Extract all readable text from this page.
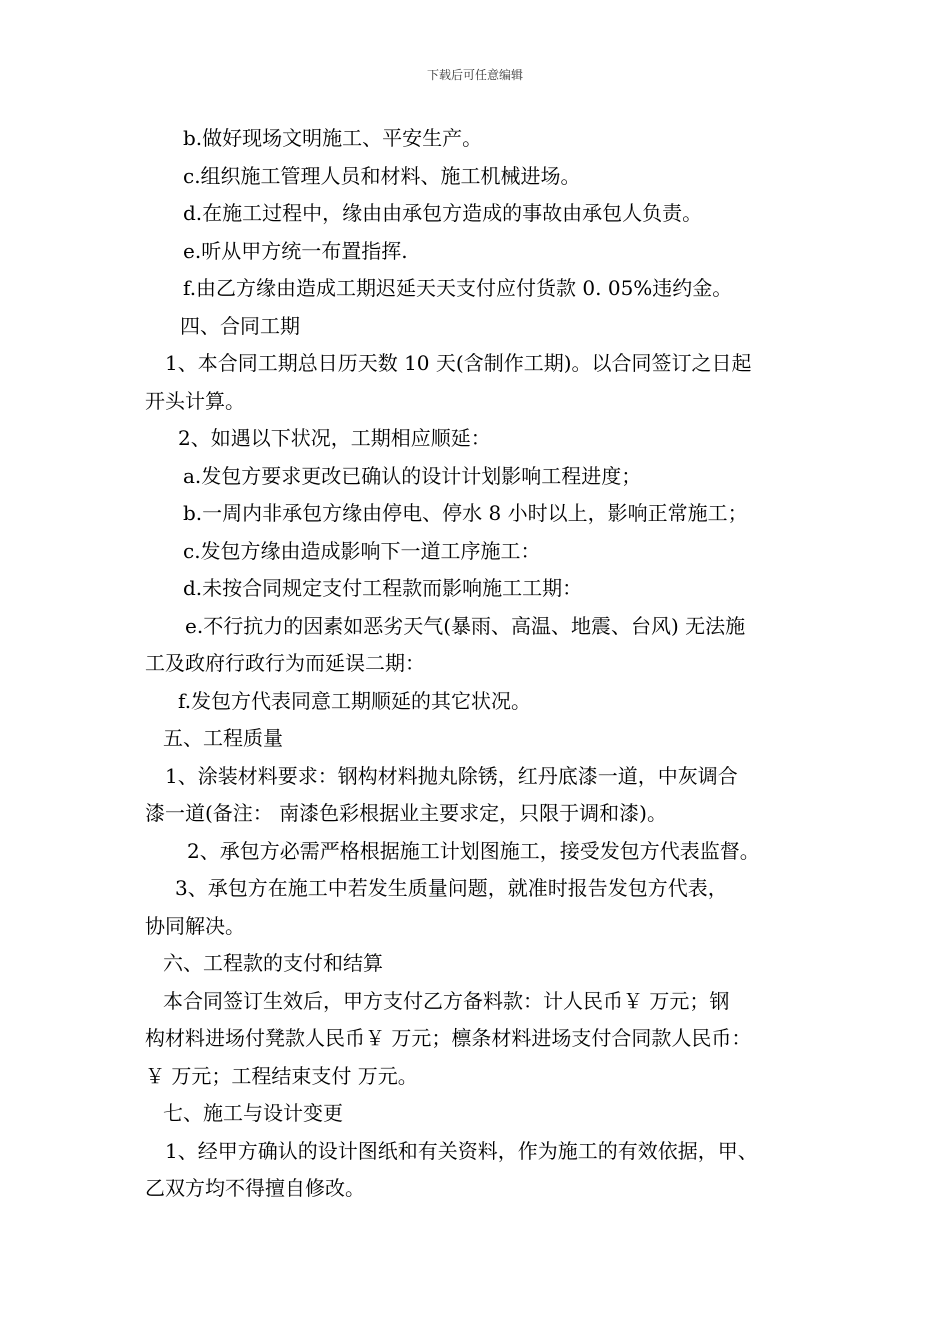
下载后可任意编辑
b.做好现场文明施工、平安生产。
c.组织施工管理人员和材料、施工机械进场。
d.在施工过程中，缘由由承包方造成的事故由承包人负责。
e.听从甲方统一布置指挥.
f.由乙方缘由造成工期迟延天天支付应付货款 0. 05%违约金。
四、合同工期
1、本合同工期总日历天数 10 天(含制作工期)。以合同签订之日起
开头计算。
2、如遇以下状况，工期相应顺延：
a.发包方要求更改已确认的设计计划影响工程进度；
b.一周内非承包方缘由停电、停水 8 小时以上，影响正常施工；
c.发包方缘由造成影响下一道工序施工：
d.未按合同规定支付工程款而影响施工工期：
e.不行抗力的因素如恶劣天气(暴雨、高温、地震、台风) 无法施
工及政府行政行为而延误二期：
f.发包方代表同意工期顺延的其它状况。
五、工程质量
1、涂装材料要求：钢构材料抛丸除锈，红丹底漆一道，中灰调合
漆一道(备注： 南漆色彩根据业主要求定，只限于调和漆)。
2、承包方必需严格根据施工计划图施工，接受发包方代表监督。
3、承包方在施工中若发生质量问题，就准时报告发包方代表，
协同解决。
六、工程款的支付和结算
本合同签订生效后，甲方支付乙方备料款：计人民币￥ 万元；钢
构材料进场付凳款人民币￥ 万元；檩条材料进场支付合同款人民币：
￥ 万元；工程结束支付 万元。
七、施工与设计变更
1、经甲方确认的设计图纸和有关资料，作为施工的有效依据，甲、
乙双方均不得擅自修改。
